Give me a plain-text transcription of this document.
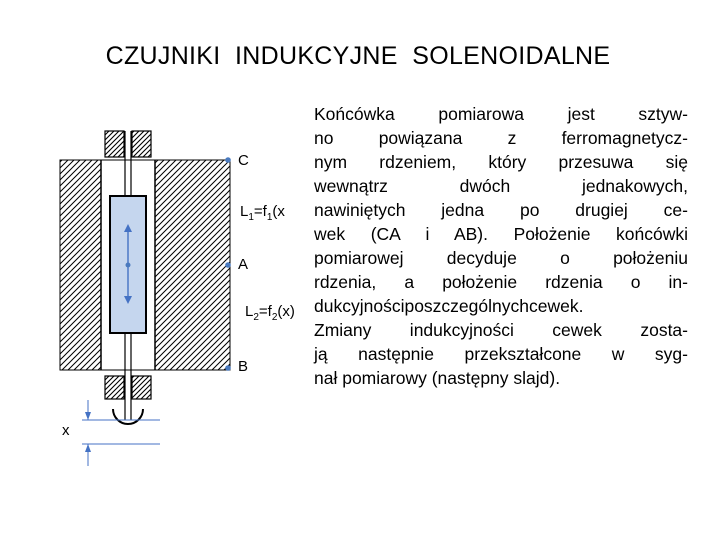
CZUJNIKI  INDUKCYJNE  SOLENOIDALNE
C
$L_1=f_1(x$
A
$L_2=f_2(x)$
B
x
Końcówka pomiarowa jest sztyw-
no powiązana z ferromagnetycz-
nym rdzeniem, który przesuwa się
wewnątrz dwóch jednakowych,
nawiniętych jedna po drugiej ce-
wek (CA i AB). Położenie końcówki
pomiarowej decyduje o położeniu
rdzenia, a położenie rdzenia o in-
dukcyjnościposzczególnychcewek.
Zmiany indukcyjności cewek zosta-
ją następnie przekształcone w syg-
nał pomiarowy (następny slajd).
